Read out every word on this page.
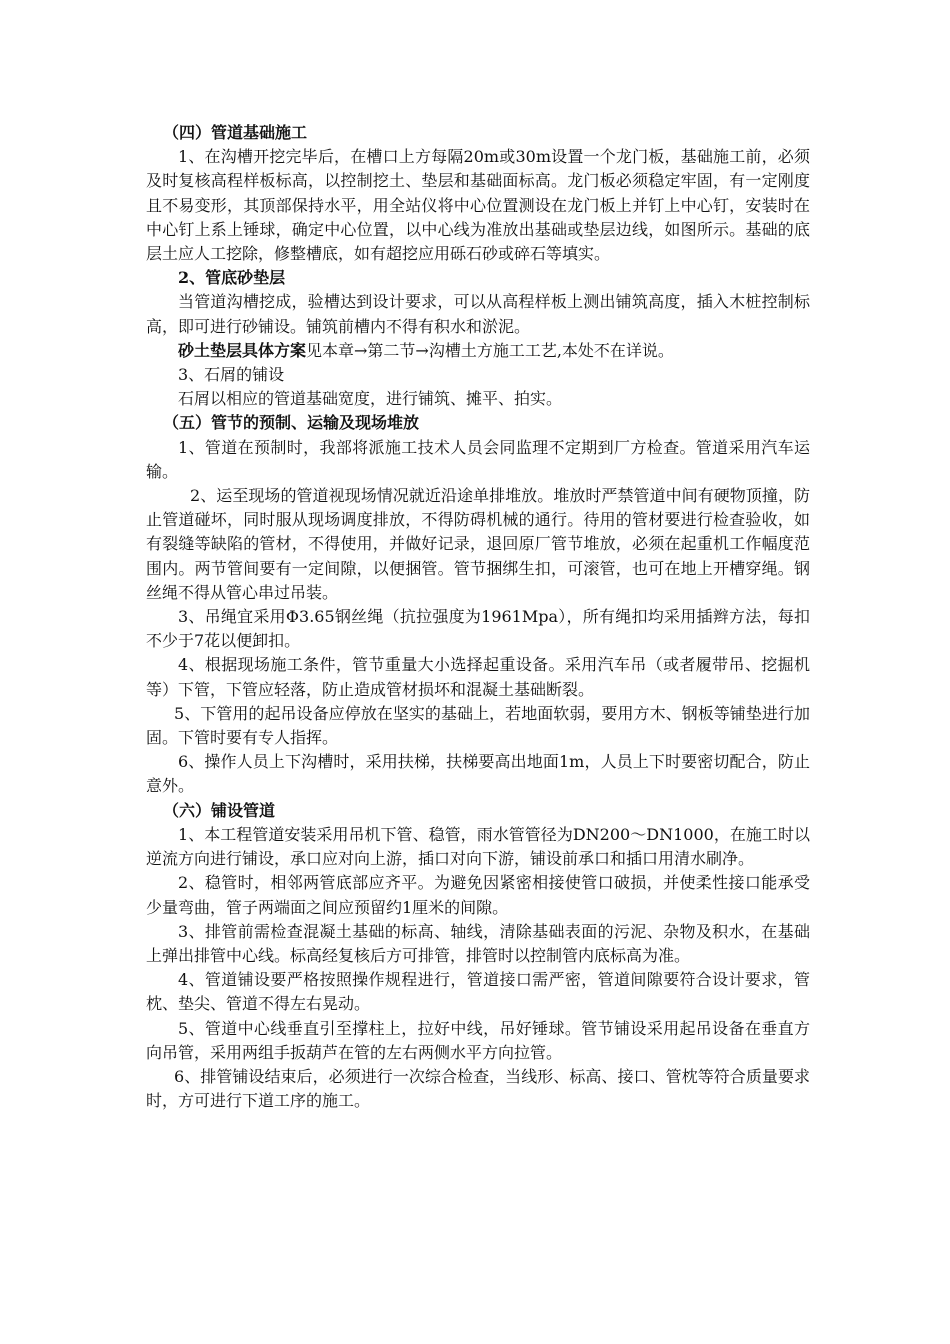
（四）管道基础施工

1、在沟槽开挖完毕后，在槽口上方每隔20m或30m设置一个龙门板，基础施工前，必须及时复核高程样板标高，以控制挖土、垫层和基础面标高。龙门板必须稳定牢固，有一定刚度且不易变形，其顶部保持水平，用全站仪将中心位置测设在龙门板上并钉上中心钉，安装时在中心钉上系上锤球，确定中心位置，以中心线为准放出基础或垫层边线，如图所示。基础的底层土应人工挖除，修整槽底，如有超挖应用砾石砂或碎石等填实。

2、管底砂垫层

当管道沟槽挖成，验槽达到设计要求，可以从高程样板上测出铺筑高度，插入木桩控制标高，即可进行砂铺设。铺筑前槽内不得有积水和淤泥。

砂土垫层具体方案见本章→第二节→沟槽土方施工工艺,本处不在详说。

3、石屑的铺设

石屑以相应的管道基础宽度，进行铺筑、摊平、拍实。

（五）管节的预制、运输及现场堆放

1、管道在预制时，我部将派施工技术人员会同监理不定期到厂方检查。管道采用汽车运输。

2、运至现场的管道视现场情况就近沿途单排堆放。堆放时严禁管道中间有硬物顶撞，防止管道碰坏，同时服从现场调度排放，不得防碍机械的通行。待用的管材要进行检查验收，如有裂缝等缺陷的管材，不得使用，并做好记录，退回原厂管节堆放，必须在起重机工作幅度范围内。两节管间要有一定间隙，以便捆管。管节捆绑生扣，可滚管，也可在地上开槽穿绳。钢丝绳不得从管心串过吊装。

3、吊绳宜采用Φ3.65钢丝绳（抗拉强度为1961Mpa），所有绳扣均采用插辫方法，每扣不少于7花以便卸扣。

4、根据现场施工条件，管节重量大小选择起重设备。采用汽车吊（或者履带吊、挖掘机等）下管，下管应轻落，防止造成管材损坏和混凝土基础断裂。

5、下管用的起吊设备应停放在坚实的基础上，若地面软弱，要用方木、钢板等铺垫进行加固。下管时要有专人指挥。

6、操作人员上下沟槽时，采用扶梯，扶梯要高出地面1m，人员上下时要密切配合，防止意外。

（六）铺设管道

1、本工程管道安装采用吊机下管、稳管，雨水管管径为DN200～DN1000，在施工时以逆流方向进行铺设，承口应对向上游，插口对向下游，铺设前承口和插口用清水刷净。

2、稳管时，相邻两管底部应齐平。为避免因紧密相接使管口破损，并使柔性接口能承受少量弯曲，管子两端面之间应预留约1厘米的间隙。

3、排管前需检查混凝土基础的标高、轴线，清除基础表面的污泥、杂物及积水，在基础上弹出排管中心线。标高经复核后方可排管，排管时以控制管内底标高为准。

4、管道铺设要严格按照操作规程进行，管道接口需严密，管道间隙要符合设计要求，管枕、垫尖、管道不得左右晃动。

5、管道中心线垂直引至撑柱上，拉好中线，吊好锤球。管节铺设采用起吊设备在垂直方向吊管，采用两组手扳葫芦在管的左右两侧水平方向拉管。

6、排管铺设结束后，必须进行一次综合检查，当线形、标高、接口、管枕等符合质量要求时，方可进行下道工序的施工。
